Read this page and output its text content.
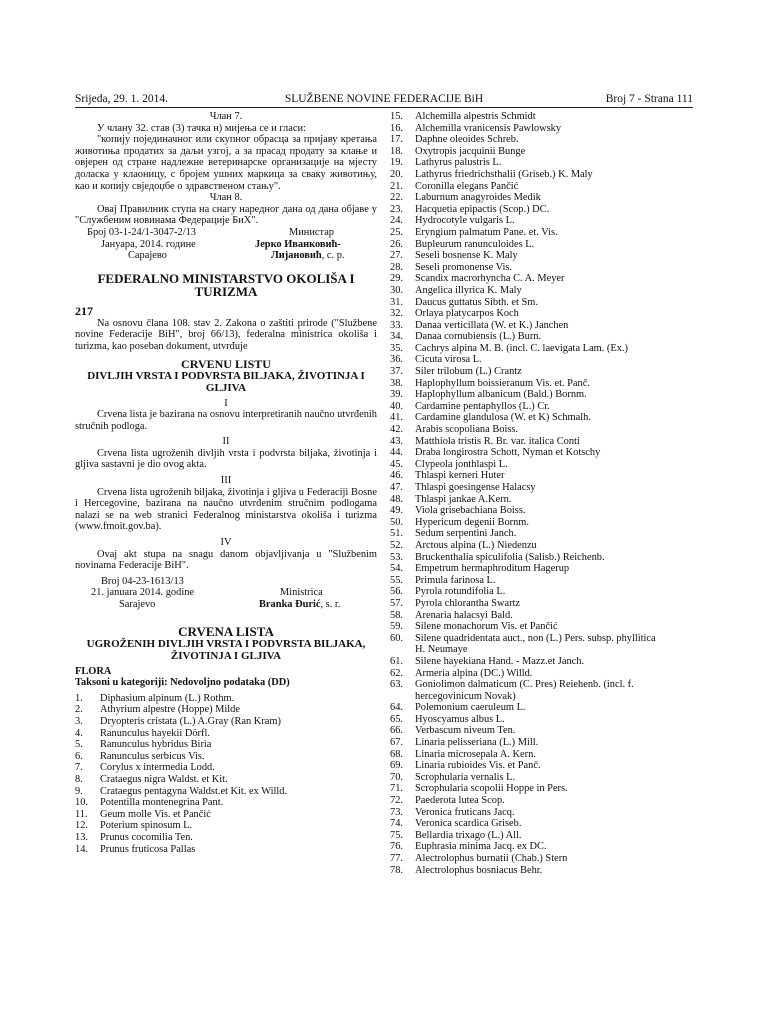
Srijeda, 29. 1. 2014.	SLUŽBENE NOVINE FEDERACIJE BiH	Broj 7 - Strana 111

Члан 7.

У члану 32. став (3) тачка н) мијења се и гласи:

"копију појединачног или скупног обрасца за пријаву кретања животиња продатих за даљи узгој, а за прасад продату за клање и овјерен од стране надлежне ветеринарске организације на мјесту доласка у клаоницу, с бројем ушних маркица за сваку животињу, као и копију свједоџбе о здравственом стању".

Члан 8.

Овај Правилник ступа на снагу наредног дана од дана објаве у "Службеним новинама Федерације БиХ".

Број 03-1-24/1-3047-2/13	Министар
Јануара, 2014. године	Јерко Иванковић-
Сарајево	Лијановић, с. р.

FEDERALNO MINISTARSTVO OKOLIŠA I

TURIZMA

217

Na osnovu člana 108. stav 2. Zakona o zaštiti prirode ("Službene novine Federacije BiH", broj 66/13), federalna ministrica okoliša i turizma, kao poseban dokument, utvrđuje

CRVENU LISTU

DIVLJIH VRSTA I PODVRSTA BILJAKA, ŽIVOTINJA I

GLJIVA

I

Crvena lista je bazirana na osnovu interpretiranih naučno utvrđenih stručnih podloga.

II

Crvena lista ugroženih divljih vrsta i podvrsta biljaka, životinja i gljiva sastavni je dio ovog akta.

III

Crvena lista ugroženih biljaka, životinja i gljiva u Federaciji Bosne i Hercegovine, bazirana na naučno utvrđenim stručnim podlogama nalazi se na web stranici Federalnog ministarstva okoliša i turizma (www.fmoit.gov.ba).

IV

Ovaj akt stupa na snagu danom objavljivanja u "Službenim novinama Federacije BiH".

Broj 04-23-1613/13
21. januara 2014. godine	Ministrica
Sarajevo	Branka Đurić, s. r.

CRVENA LISTA

UGROŽENIH DIVLJIH VRSTA I PODVRSTA BILJAKA,

ŽIVOTINJA I GLJIVA

FLORA

Taksoni u kategoriji: Nedovoljno podataka (DD)

1.	Diphasium alpinum (L.) Rothm.
2.	Athyrium alpestre (Hoppe) Milde
3.	Dryopteris cristata (L.) A.Gray (Ran Kram)
4.	Ranunculus hayekii Dörfl.
5.	Ranunculus hybridus Biria
6.	Ranunculus serbicus Vis.
7.	Corylus x intermedia Lodd.
8.	Crataegus nigra Waldst. et Kit.
9.	Crataegus pentagyna Waldst.et Kit. ex Willd.
10.	Potentilla montenegrina Pant.
11.	Geum molle Vis. et Pančić
12.	Poterium spinosum L.
13.	Prunus cocomilia Ten.
14.	Prunus fruticosa Pallas
15.	Alchemilla alpestris Schmidt
16.	Alchemilla vranicensis Pawlowsky
17.	Daphne oleoides Schreb.
18.	Oxytropis jacquinii Bunge
19.	Lathyrus palustris L.
20.	Lathyrus friedrichsthalii (Griseb.) K. Maly
21.	Coronilla elegans Pančić
22.	Laburnum anagyroides Medik
23.	Hacquetia epipactis (Scop.) DC.
24.	Hydrocotyle vulgaris L.
25.	Eryngium palmatum Pane. et. Vis.
26.	Bupleurum ranunculoides L.
27.	Seseli bosnense K. Maly
28.	Seseli promonense Vis.
29.	Scandix macrorhyncha C. A. Meyer
30.	Angelica illyrica K. Maly
31.	Daucus guttatus Sibth. et Sm.
32.	Orlaya platycarpos Koch
33.	Danaa verticillata (W. et K.) Janchen
34.	Danaa cornubiensis (L.) Burn.
35.	Cachrys alpina M. B. (incl. C. laevigata Lam. (Ex.)
36.	Cicuta virosa L.
37.	Siler trilobum (L.) Crantz
38.	Haplophyllum boissieranum Vis. et. Panč.
39.	Haplophyllum albanicum (Bald.) Bornm.
40.	Cardamine pentaphyllos (L.) Cr.
41.	Cardamine glandulosa (W. et K) Schmalh.
42.	Arabis scopoliana Boiss.
43.	Matthiola tristis R. Br. var. italica Conti
44.	Draba longirostra Schott, Nyman et Kotschy
45.	Clypeola jonthlaspi L.
46.	Thlaspi kerneri Huter
47.	Thlaspi goesingense Halacsy
48.	Thlaspi jankae A.Kern.
49.	Viola grisebachiana Boiss.
50.	Hypericum degenii Bornm.
51.	Sedum serpentini Janch.
52.	Arctous alpina (L.) Niedenzu
53.	Bruckenthalia spiculifolia (Salisb.) Reichenb.
54.	Empetrum hermaphroditum Hagerup
55.	Primula farinosa L.
56.	Pyrola rotundifolia L.
57.	Pyrola chlorantha Swartz
58.	Arenaria halacsyi Bald.
59.	Silene monachorum Vis. et Pančić
60.	Silene quadridentata auct., non (L.) Pers. subsp. phyllitica
H. Neumaye
61.	Silene hayekiana Hand. - Mazz.et Janch.
62.	Armeria alpina (DC.) Willd.
63.	Goniolimon dalmaticum (C. Pres) Reiehenb. (incl. f.
hercegovinicum Novak)
64.	Polemonium caeruleum L.
65.	Hyoscyamus albus L.
66.	Verbascum niveum Ten.
67.	Linaria pelisseriana (L.) Mill.
68.	Linaria microsepala A. Kern.
69.	Linaria rubioides Vis. et Panč.
70.	Scrophularia vernalis L.
71.	Scrophularia scopolii Hoppe in Pers.
72.	Paederota lutea Scop.
73.	Veronica fruticans Jacq.
74.	Veronica scardica Griseb.
75.	Bellardia trixago (L.) All.
76.	Euphrasia minima Jacq. ex DC.
77.	Alectrolophus burnatii (Chab.) Stern
78.	Alectrolophus bosniacus Behr.
